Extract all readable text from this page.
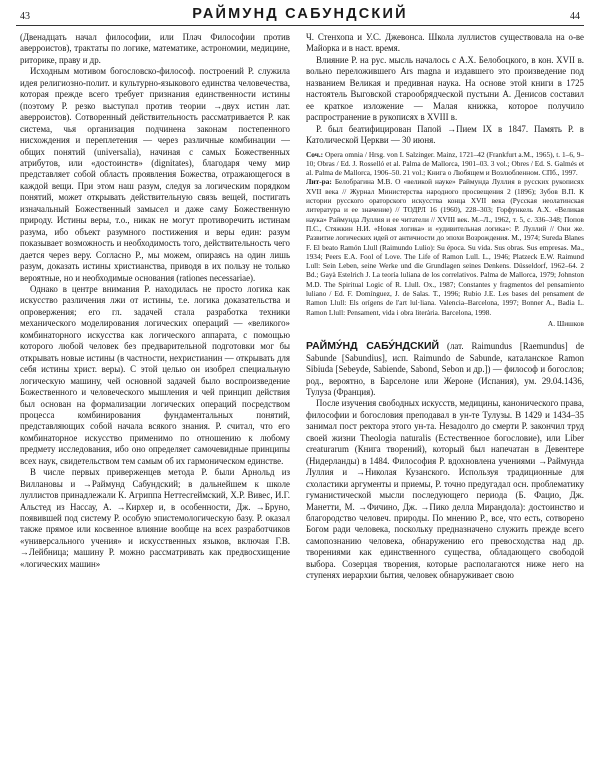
43	РАЙМУНД САБУНДСКИЙ	44

(Двенадцать начал философии, или Плач Философии против аверроистов), трактаты по логике, математике, астрономии, медицине, риторике, праву и др.

Исходным мотивом богословско-философ. построений Р. служила идея религиозно-полит. и культурно-языкового единства человечества, которая прежде всего требует признания единственности истины (поэтому Р. резко выступал против теории →двух истин лат. аверроистов). Сотворенный действительность рассматривается Р. как система, чья организация подчинена законам постепенного нисхождения и переплетения — через различные комбинации — общих понятий (universalia), начиная с самых Божественных атрибутов, или «достоинств» (dignitates), благодаря чему мир представляет собой область проявления Божества, отражающегося в каждой вещи. При этом наш разум, следуя за логическим порядком понятий, может открывать действительную связь вещей, постигать изначальный Божественный замысел и даже саму Божественную природу. Истины веры, т.о., никак не могут противоречить истинам разума, ибо объект разумного постижения и веры един: разум показывает возможность и необходимость того, действительность чего дается через веру. Согласно Р., мы можем, опираясь на один лишь разум, доказать истины христианства, приводя в их пользу не только вероятные, но и необходимые основания (rationes necessariae).

Однако в центре внимания Р. находилась не просто логика как искусство различения лжи от истины, т.е. логика доказательства и опровержения; его гл. задачей стала разработка техники механического моделирования логических операций — «великого» комбинаторного искусства как логического аппарата, с помощью которого любой человек без предварительной подготовки мог бы открывать новые истины (в частности, нехристианин — открывать для себя истины христ. веры). С этой целью он изобрел специальную логическую машину, чей основной задачей было воспроизведение Божественного и человеческого мышления и чей принцип действия был основан на формализации логических операций посредством процесса комбинирования фундаментальных понятий, представляющих собой начала всякого знания. Р. считал, что его комбинаторное искусство применимо по отношению к любому предмету исследования, ибо оно определяет самочевидные принципы всех наук, свидетельством тем самым об их гармоническом единстве.

В числе первых приверженцев метода Р. были Арнольд из Виллановы и →Раймунд Сабундский; в дальнейшем к школе луллистов принадлежали К. Агриппа Неттесгеймский, Х.Р. Вивес, И.Г. Альстед из Нассау, А. →Кирхер и, в особенности, Дж. →Бруно, появившей под систему Р. особую эпистемологическую базу. Р. оказал также прямое или косвенное влияние вообще на всех разработчиков «универсального учения» и искусственных языков, включая Г.В. →Лейбница; машину Р. можно рассматривать как предвосхищение «логических машин»

Ч. Стенхопа и У.С. Джевонса. Школа луллистов существовала на о-ве Майорка и в наст. время.

Влияние Р. на рус. мысль началось с А.Х. Белобоцкого, в кон. XVII в. вольно переложившего Ars magna и издавшего это произведение под названием Великая и предивная наука. На основе этой книги в 1725 настоятель Выговской старообрядческой пустыни А. Денисов составил ее краткое изложение — Малая книжка, которое получило распространение в рукописях в XVIII в.

Р. был беатифицирован Папой →Пием IX в 1847. Память Р. в Католической Церкви — 30 июня.

Соч.: Opera omnia / Hrsg. von I. Salzinger. Mainz, 1721–42 (Frankfurt a.M., 1965), t. 1–6, 9–10; Obras / Ed. J. Rosselló et al. Palma de Mallorca, 1901–03. 3 vol.; Obres / Ed. S. Galmés et al. Palma de Mallorca, 1906–50. 21 vol.; Книга о Любящем и Возлюбленном. СПб., 1997.

Лит-ра: Белобрагина М.В. О «великой науке» Раймунда Луллия в русских рукописях XVII века // Журнал Министерства народного просвещения 2 (1896); Зубов В.П. К истории русского ораторского искусства конца XVII века (Русская неолатинская литература и ее значение) // ТОДРЛ 16 (1960), 228–303; Горфункель А.Х. «Великая наука» Раймунда Луллия и ее читатели // XVIII век. М.–Л., 1962, т. 5, с. 336–348; Попов П.С., Стяжкин Н.И. «Новая логика» и «удивительная логика»: Р. Луллий // Они же. Развитие логических идей от античности до эпохи Возрождения. М., 1974; Sureda Blanes F. El beato Ramón Llull (Raimundo Lulio): Su época. Su vida. Sus obras. Sus empresas. Ma., 1934; Peers E.A. Fool of Love. The Life of Ramon Lull. L., 1946; Platzeck E.W. Raimund Lull: Sein Leben, seine Werke und die Grundlagen seines Denkens. Düsseldorf, 1962–64. 2 Bd.; Gayà Estelrich J. La teoría luliana de los correlativos. Palma de Mallorca, 1979; Johnston M.D. The Spiritual Logic of R. Llull. Ox., 1987; Constantes y fragmentos del pensamiento luliano / Ed. F. Domínguez, J. de Salas. T., 1996; Rubio J.E. Les bases del pensament de Ramon Llull: Els orígens de l'art lul·liana. Valencia–Barcelona, 1997; Bonner A., Badia L. Ramon Llull: Pensament, vida i obra literària. Barcelona, 1998.

А. Шишков

РАЙМУ́НД САБУ́НДСКИЙ (лат. Raimundus [Raemundus] de Sabunde [Sabundius], исп. Raimundo de Sabunde, каталанское Ramon Sibiuda [Sebeyde, Sabiende, Sabond, Sebon и др.]) — философ и богослов; род., вероятно, в Барселоне или Жероне (Испания), ум. 29.04.1436, Тулуза (Франция).

После изучения свободных искусств, медицины, канонического права, философии и богословия преподавал в ун-те Тулузы. В 1429 и 1434–35 занимал пост ректора этого ун-та. Незадолго до смерти Р. закончил труд своей жизни Theologia naturalis (Естественное богословие), или Liber creaturarum (Книга творений), который был напечатан в Девентере (Нидерланды) в 1484. Философия Р. вдохновлена учениями →Раймунда Луллия и →Николая Кузанского. Используя традиционные для схоластики аргументы и приемы, Р. точно предугадал осн. проблематику гуманистической мысли последующего периода (Б. Фацио, Дж. Манетти, М. →Фичино, Дж. →Пико делла Мирандола): достоинство и благородство человеч. природы. По мнению Р., все, что есть, сотворено Богом ради человека, поскольку предназначено служить прежде всего самопознанию человека, обнаружению его превосходства над др. творениями как единственного существа, обладающего свободой выбора. Созерцая творения, которые располагаются ниже него на ступенях иерархии бытия, человек обнаруживает свою
